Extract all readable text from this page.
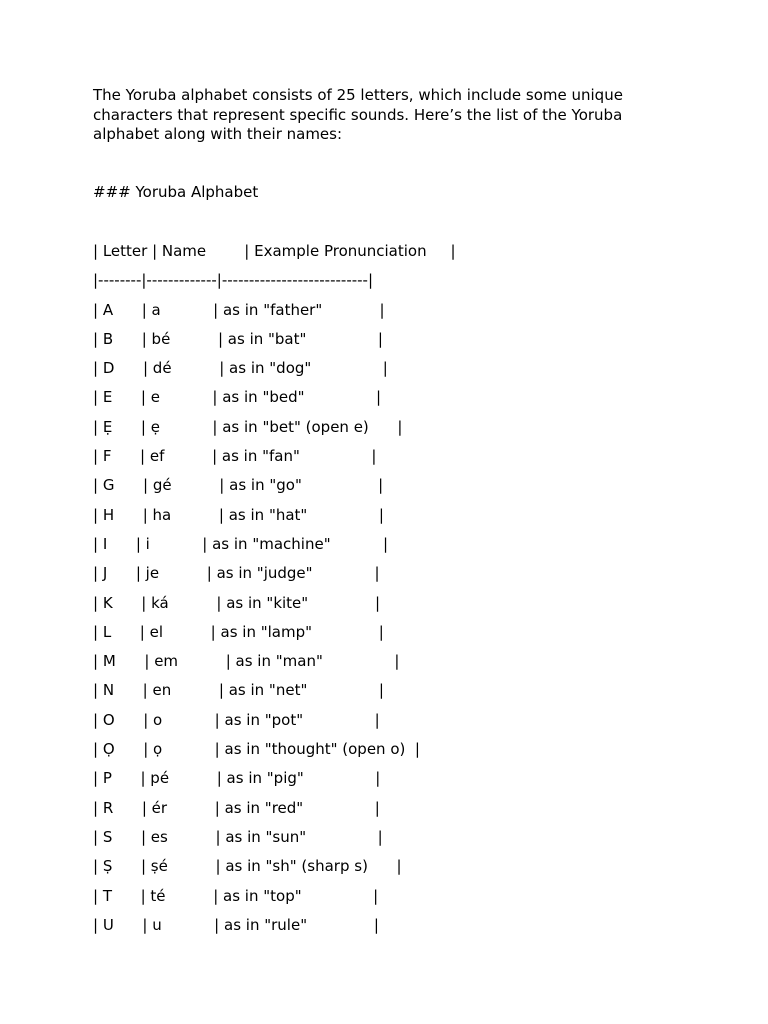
The Yoruba alphabet consists of 25 letters, which include some unique characters that represent specific sounds. Here’s the list of the Yoruba alphabet along with their names:

### Yoruba Alphabet

| Letter | Name        | Example Pronunciation     |
|--------|-------------|---------------------------|
| A      | a           | as in "father"            |
| B      | bé          | as in "bat"               |
| D      | dé          | as in "dog"               |
| E      | e           | as in "bed"               |
| Ẹ      | ẹ           | as in "bet" (open e)      |
| F      | ef          | as in "fan"               |
| G      | gé          | as in "go"                |
| H      | ha          | as in "hat"               |
| I      | i           | as in "machine"           |
| J      | je          | as in "judge"             |
| K      | ká          | as in "kite"              |
| L      | el          | as in "lamp"              |
| M      | em          | as in "man"               |
| N      | en          | as in "net"               |
| O      | o           | as in "pot"               |
| Ọ      | ọ           | as in "thought" (open o)  |
| P      | pé          | as in "pig"               |
| R      | ér          | as in "red"               |
| S      | es          | as in "sun"               |
| Ṣ      | ṣé          | as in "sh" (sharp s)      |
| T      | té          | as in "top"               |
| U      | u           | as in "rule"              |
